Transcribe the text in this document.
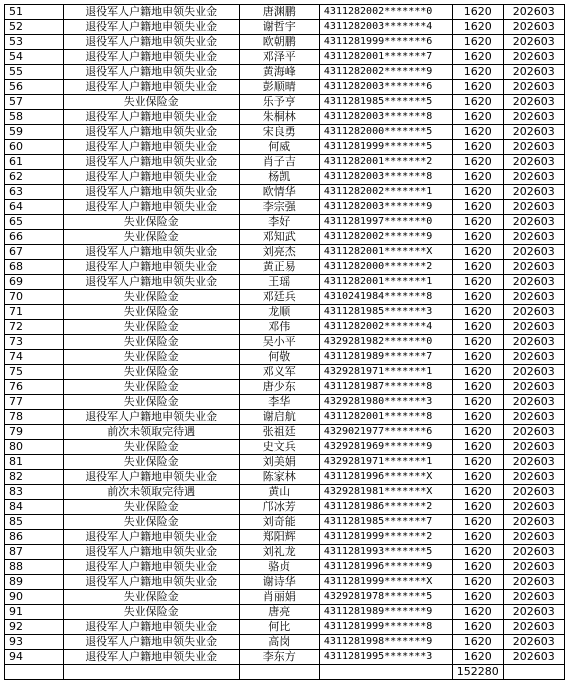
51	退役军人户籍地申领失业金	唐渊鹏	4311282002*******0	1620	202603
52	退役军人户籍地申领失业金	谢哲宇	4311282003*******4	1620	202603
53	退役军人户籍地申领失业金	欧朝鹏	4311281999*******6	1620	202603
54	退役军人户籍地申领失业金	邓泽平	4311282001*******7	1620	202603
55	退役军人户籍地申领失业金	黄海峰	4311282002*******9	1620	202603
56	退役军人户籍地申领失业金	彭顺晴	4311282003*******6	1620	202603
57	失业保险金	乐予亨	4311281985*******5	1620	202603
58	退役军人户籍地申领失业金	朱桐林	4311282003*******8	1620	202603
59	退役军人户籍地申领失业金	宋良勇	4311282000*******5	1620	202603
60	退役军人户籍地申领失业金	何威	4311281999*******5	1620	202603
61	退役军人户籍地申领失业金	肖子吉	4311282001*******2	1620	202603
62	退役军人户籍地申领失业金	杨凯	4311282003*******8	1620	202603
63	退役军人户籍地申领失业金	欧情华	4311282002*******1	1620	202603
64	退役军人户籍地申领失业金	李宗强	4311282003*******9	1620	202603
65	失业保险金	李好	4311281997*******0	1620	202603
66	失业保险金	邓知武	4311282002*******9	1620	202603
67	退役军人户籍地申领失业金	刘亮杰	4311282001*******X	1620	202603
68	退役军人户籍地申领失业金	黄正易	4311282000*******2	1620	202603
69	退役军人户籍地申领失业金	王瑶	4311282001*******1	1620	202603
70	失业保险金	邓廷兵	4310241984*******8	1620	202603
71	失业保险金	龙顺	4311281985*******3	1620	202603
72	失业保险金	邓伟	4311282002*******4	1620	202603
73	失业保险金	吴小平	4329281982*******0	1620	202603
74	失业保险金	何敬	4311281989*******7	1620	202603
75	失业保险金	邓义军	4329281971*******1	1620	202603
76	失业保险金	唐少东	4311281987*******8	1620	202603
77	失业保险金	李华	4329281980*******3	1620	202603
78	退役军人户籍地申领失业金	谢启航	4311282001*******8	1620	202603
79	前次未领取完待遇	张祖廷	4329021977*******6	1620	202603
80	失业保险金	史文兵	4329281969*******9	1620	202603
81	失业保险金	刘美娟	4329281971*******1	1620	202603
82	退役军人户籍地申领失业金	陈家林	4311281996*******X	1620	202603
83	前次未领取完待遇	黄山	4329281981*******X	1620	202603
84	失业保险金	邝冰芳	4311281986*******2	1620	202603
85	失业保险金	刘奇能	4311281985*******7	1620	202603
86	退役军人户籍地申领失业金	郑阳辉	4311281999*******2	1620	202603
87	退役军人户籍地申领失业金	刘礼龙	4311281993*******5	1620	202603
88	退役军人户籍地申领失业金	骆贞	4311281996*******9	1620	202603
89	退役军人户籍地申领失业金	谢诗华	4311281999*******X	1620	202603
90	失业保险金	肖丽娟	4329281978*******5	1620	202603
91	失业保险金	唐亮	4311281989*******9	1620	202603
92	退役军人户籍地申领失业金	何比	4311281999*******8	1620	202603
93	退役军人户籍地申领失业金	高岗	4311281998*******9	1620	202603
94	退役军人户籍地申领失业金	李东方	4311281995*******3	1620	202603
				152280	
